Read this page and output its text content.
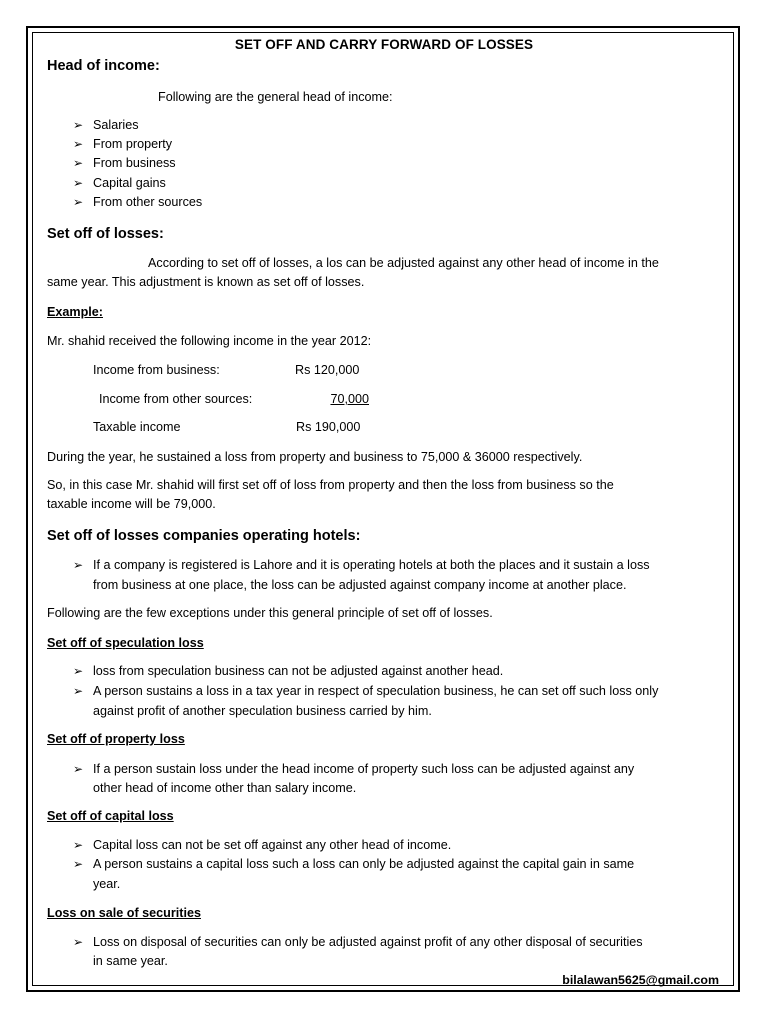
SET OFF AND CARRY FORWARD OF LOSSES
Head of income:
Following are the general head of income:
➢ Salaries
➢ From property
➢ From business
➢ Capital gains
➢ From other sources
Set off of losses:
According to set off of losses, a los can be adjusted against any other head of income in the
same year. This adjustment is known as set off of losses.
Example:
Mr. shahid received the following income in the year 2012:
Income from business:	Rs 120,000
Income from other sources:	70,000
Taxable income	Rs 190,000
During the year, he sustained a loss from property and business to 75,000 & 36000 respectively.
So, in this case Mr. shahid will first set off of loss from property and then the loss from business so the
taxable income will be 79,000.
Set off of losses companies operating hotels:
➢ If a company is registered is Lahore and it is operating hotels at both the places and it sustain a loss
from business at one place, the loss can be adjusted against company income at another place.
Following are the few exceptions under this general principle of set off of losses.
Set off of speculation loss
➢ loss from speculation business can not be adjusted against another head.
➢ A person sustains a loss in a tax year in respect of speculation business, he can set off such loss only
against profit of another speculation business carried by him.
Set off of property loss
➢ If a person sustain loss under the head income of property such loss can be adjusted against any
other head of income other than salary income.
Set off of capital loss
➢ Capital loss can not be set off against any other head of income.
➢ A person sustains a capital loss such a loss can only be adjusted against the capital gain in same
year.
Loss on sale of securities
➢ Loss on disposal of securities can only be adjusted against profit of any other disposal of securities
in same year.
bilalawan5625@gmail.com
